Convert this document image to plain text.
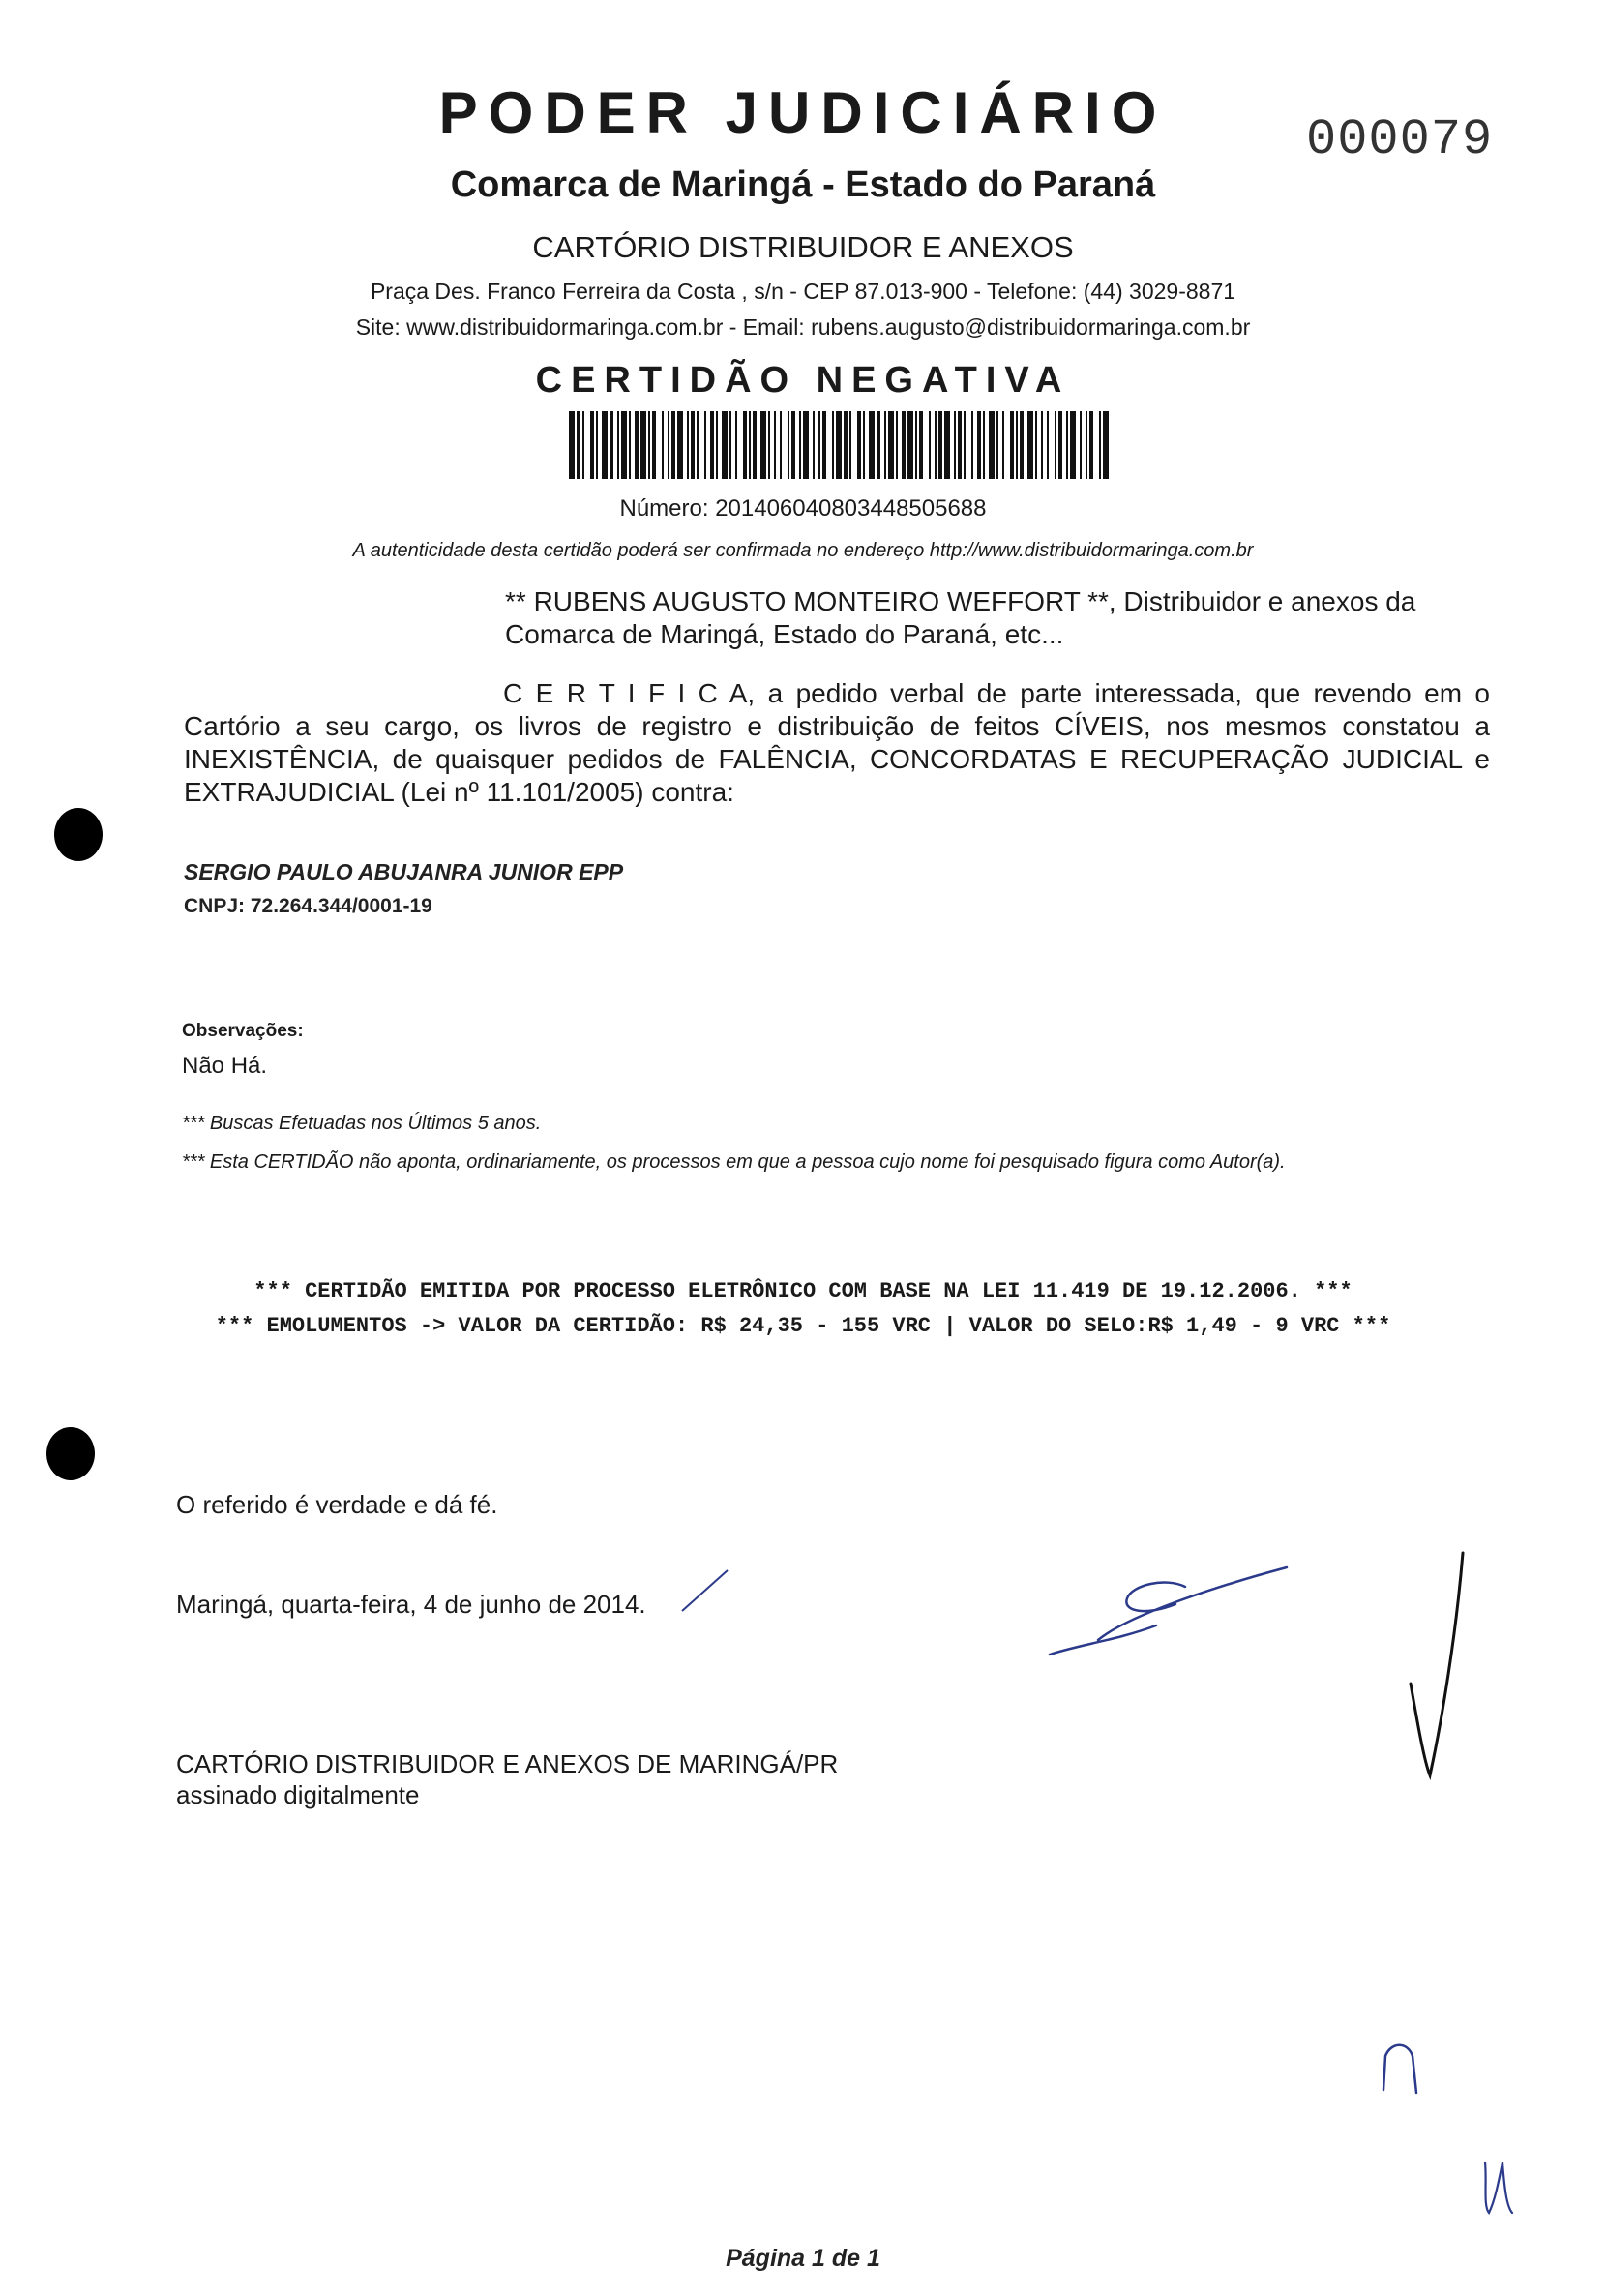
PODER JUDICIÁRIO	000079
Comarca de Maringá - Estado do Paraná
CARTÓRIO DISTRIBUIDOR E ANEXOS
Praça Des. Franco Ferreira da Costa , s/n - CEP 87.013-900 - Telefone: (44) 3029-8871
Site: www.distribuidormaringa.com.br - Email: rubens.augusto@distribuidormaringa.com.br
CERTIDÃO NEGATIVA
Número: 201406040803448505688
A autenticidade desta certidão poderá ser confirmada no endereço http://www.distribuidormaringa.com.br
** RUBENS AUGUSTO MONTEIRO WEFFORT **, Distribuidor e anexos da Comarca de Maringá, Estado do Paraná, etc...
C E R T I F I C A, a pedido verbal de parte interessada, que revendo em o Cartório a seu cargo, os livros de registro e distribuição de feitos CÍVEIS, nos mesmos constatou a INEXISTÊNCIA, de quaisquer pedidos de FALÊNCIA, CONCORDATAS E RECUPERAÇÃO JUDICIAL e EXTRAJUDICIAL (Lei nº 11.101/2005) contra:
SERGIO PAULO ABUJANRA JUNIOR EPP
CNPJ: 72.264.344/0001-19
Observações:
Não Há.
*** Buscas Efetuadas nos Últimos 5 anos.
*** Esta CERTIDÃO não aponta, ordinariamente, os processos em que a pessoa cujo nome foi pesquisado figura como Autor(a).
*** CERTIDÃO EMITIDA POR PROCESSO ELETRÔNICO COM BASE NA LEI 11.419 DE 19.12.2006. ***
*** EMOLUMENTOS -> VALOR DA CERTIDÃO: R$ 24,35 - 155 VRC | VALOR DO SELO:R$ 1,49 - 9 VRC ***
O referido é verdade e dá fé.
Maringá, quarta-feira, 4 de junho de 2014.
CARTÓRIO DISTRIBUIDOR E ANEXOS DE MARINGÁ/PR
assinado digitalmente
Página 1 de 1
